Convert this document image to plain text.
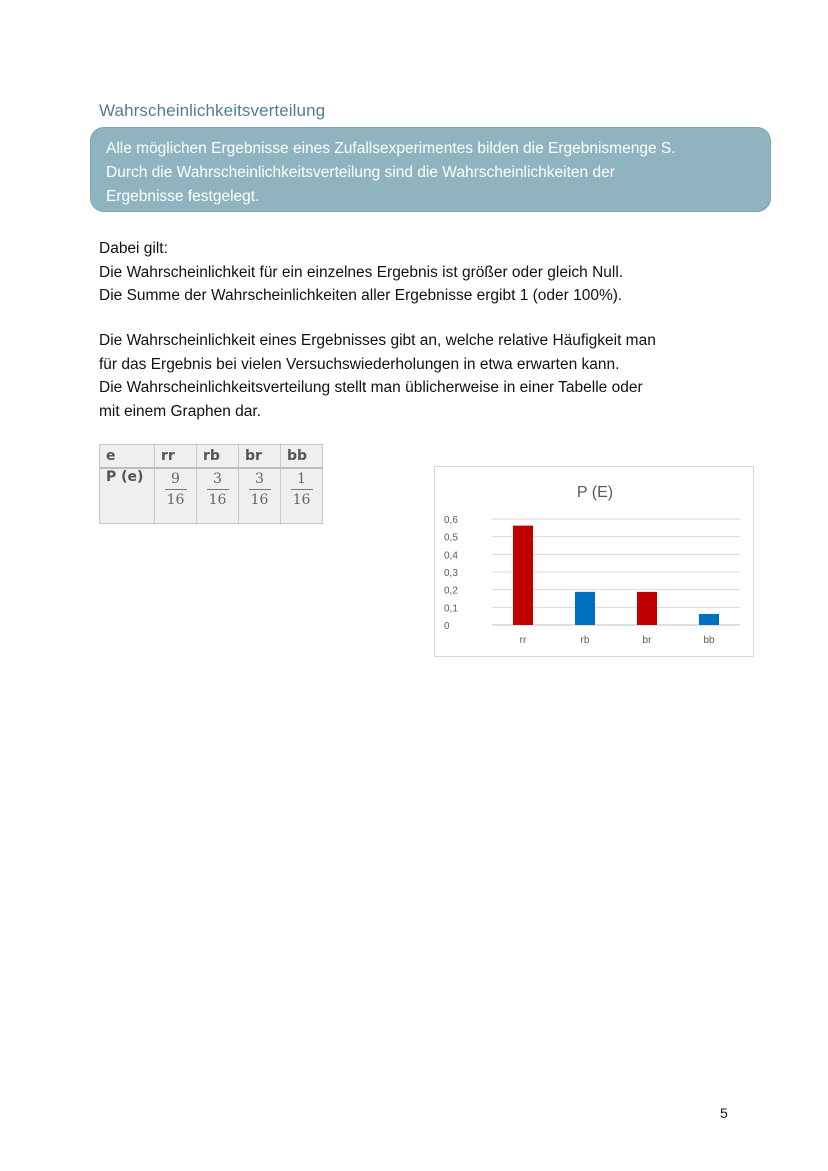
Wahrscheinlichkeitsverteilung
Alle möglichen Ergebnisse eines Zufallsexperimentes bilden die Ergebnismenge S.
Durch die Wahrscheinlichkeitsverteilung sind die Wahrscheinlichkeiten der
Ergebnisse festgelegt.
Dabei gilt:
Die Wahrscheinlichkeit für ein einzelnes Ergebnis ist größer oder gleich Null.
Die Summe der Wahrscheinlichkeiten aller Ergebnisse ergibt 1 (oder 100%).
Die Wahrscheinlichkeit eines Ergebnisses gibt an, welche relative Häufigkeit man
für das Ergebnis bei vielen Versuchswiederholungen in etwa erwarten kann.
Die Wahrscheinlichkeitsverteilung stellt man üblicherweise in einer Tabelle oder
mit einem Graphen dar.
e	rr	rb	br	bb
P (e)	$\frac{9}{16}$	$\frac{3}{16}$	$\frac{3}{16}$	$\frac{1}{16}$	P (E)
0
0,1
0,2
0,3
0,4
0,5
0,6
rr	rb	br	bb
5
